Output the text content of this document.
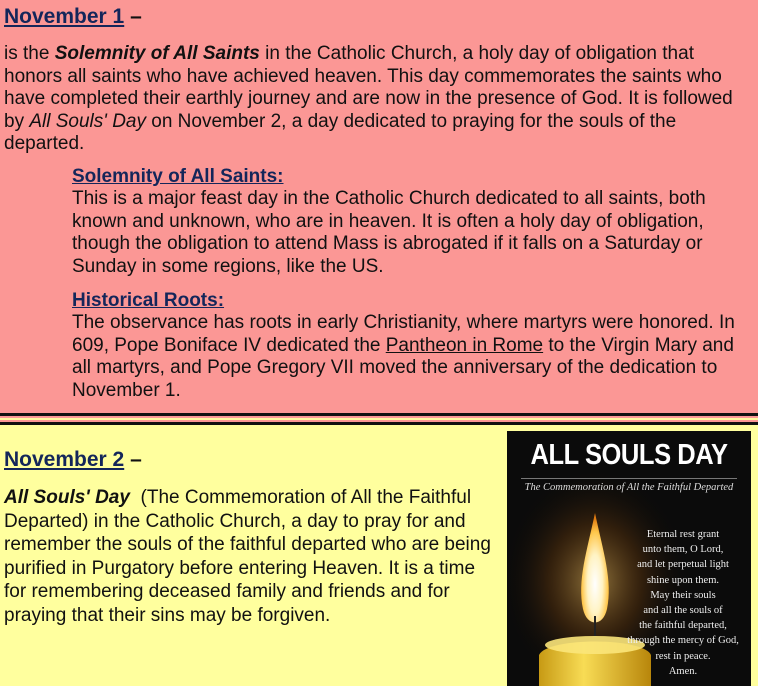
November 1 –

is the Solemnity of All Saints in the Catholic Church, a holy day of obligation that honors all saints who have achieved heaven. This day commemorates the saints who have completed their earthly journey and are now in the presence of God. It is followed by All Souls' Day on November 2, a day dedicated to praying for the souls of the departed.

Solemnity of All Saints:

This is a major feast day in the Catholic Church dedicated to all saints, both known and unknown, who are in heaven. It is often a holy day of obligation, though the obligation to attend Mass is abrogated if it falls on a Saturday or Sunday in some regions, like the US.

Historical Roots:

The observance has roots in early Christianity, where martyrs were honored. In 609, Pope Boniface IV dedicated the Pantheon in Rome to the Virgin Mary and all martyrs, and Pope Gregory VII moved the anniversary of the dedication to November 1.

November 2 –

All Souls' Day  (The Commemoration of All the Faithful Departed) in the Catholic Church, a day to pray for and remember the souls of the faithful departed who are being purified in Purgatory before entering Heaven. It is a time for remembering deceased family and friends and for praying that their sins may be forgiven.

ALL SOULS DAY
The Commemoration of All the Faithful Departed
Eternal rest grant
unto them, O Lord,
and let perpetual light
shine upon them.
May their souls
and all the souls of
the faithful departed,
through the mercy of God,
rest in peace.
Amen.
